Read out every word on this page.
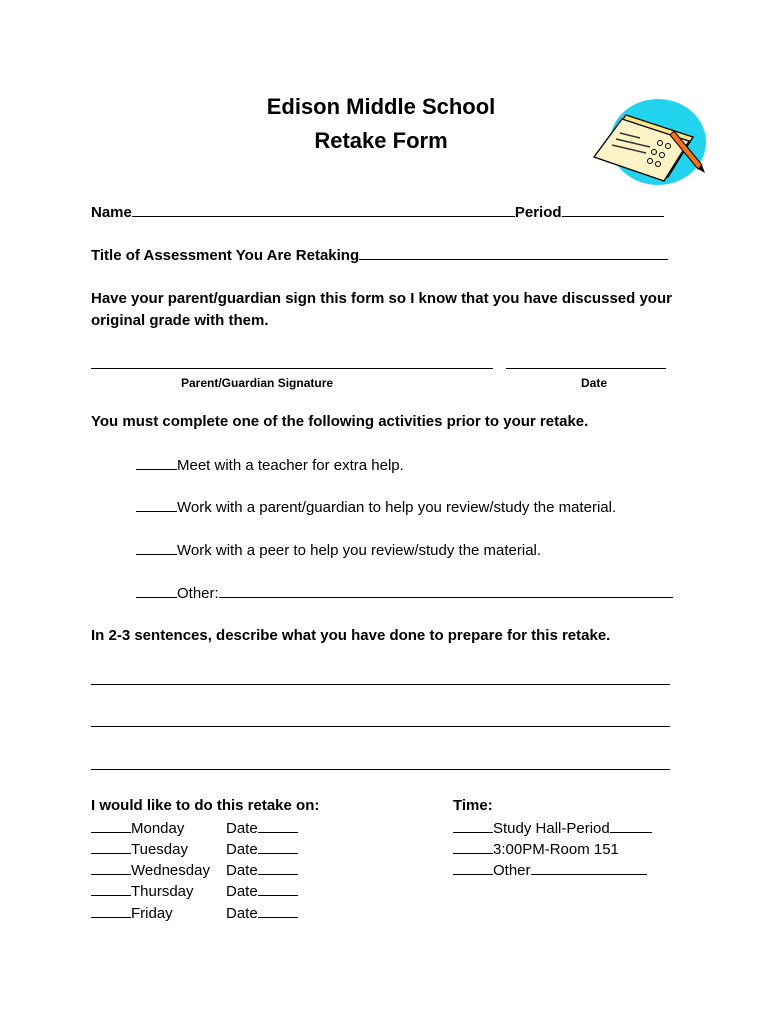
Edison Middle School
Retake Form
Name	Period
Title of Assessment You Are Retaking
Have your parent/guardian sign this form so I know that you have discussed your original grade with them.
Parent/Guardian Signature	Date
You must complete one of the following activities prior to your retake.
Meet with a teacher for extra help.
Work with a parent/guardian to help you review/study the material.
Work with a peer to help you review/study the material.
Other:
In 2-3 sentences, describe what you have done to prepare for this retake.
I would like to do this retake on:
Monday	Date
Tuesday	Date
Wednesday Date
Thursday Date
Friday	Date
Time:
Study Hall-Period
3:00PM-Room 151
Other
